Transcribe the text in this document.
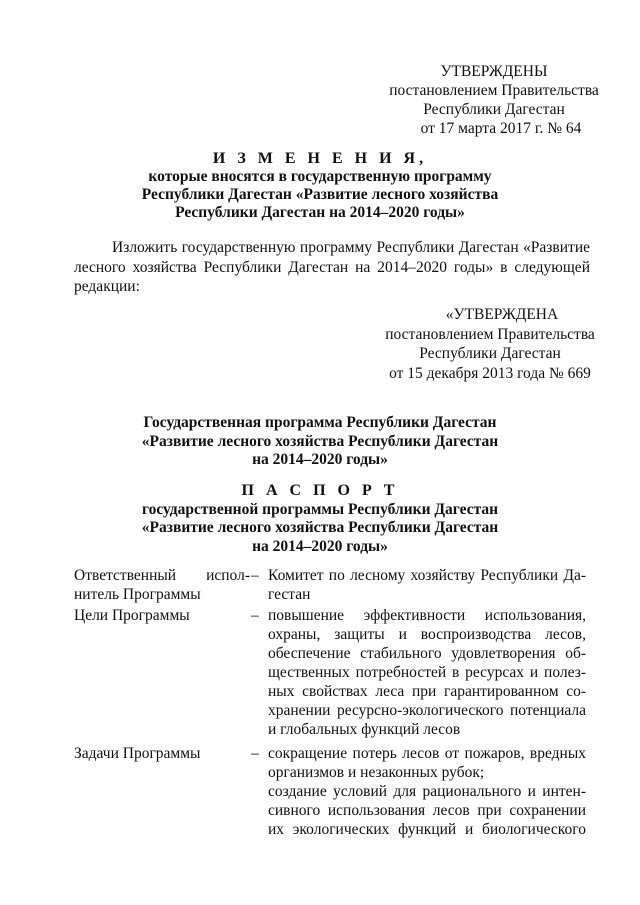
УТВЕРЖДЕНЫ
постановлением Правительства
Республики Дагестан
от 17 марта 2017 г. № 64
И З М Е Н Е Н И Я,
которые вносятся в государственную программу
Республики Дагестан «Развитие лесного хозяйства
Республики Дагестан на 2014–2020 годы»
Изложить государственную программу Республики Дагестан «Развитие лесного хозяйства Республики Дагестан на 2014–2020 годы» в следующей редакции:
«УТВЕРЖДЕНА
постановлением Правительства
Республики Дагестан
от 15 декабря 2013 года № 669
Государственная программа Республики Дагестан
«Развитие лесного хозяйства Республики Дагестан
на 2014–2020 годы»
П А С П О Р Т
государственной программы Республики Дагестан
«Развитие лесного хозяйства Республики Дагестан
на 2014–2020 годы»
Ответственный испол-
нитель Программы
– Комитет по лесному хозяйству Республики Да-
гестан
Цели Программы	– повышение эффективности использования,
охраны, защиты и воспроизводства лесов,
обеспечение стабильного удовлетворения об-
щественных потребностей в ресурсах и полез-
ных свойствах леса при гарантированном со-
хранении ресурсно-экологического потенциала
и глобальных функций лесов
Задачи Программы	– сокращение потерь лесов от пожаров, вредных
организмов и незаконных рубок;
создание условий для рационального и интен-
сивного использования лесов при сохранении
их экологических функций и биологического
